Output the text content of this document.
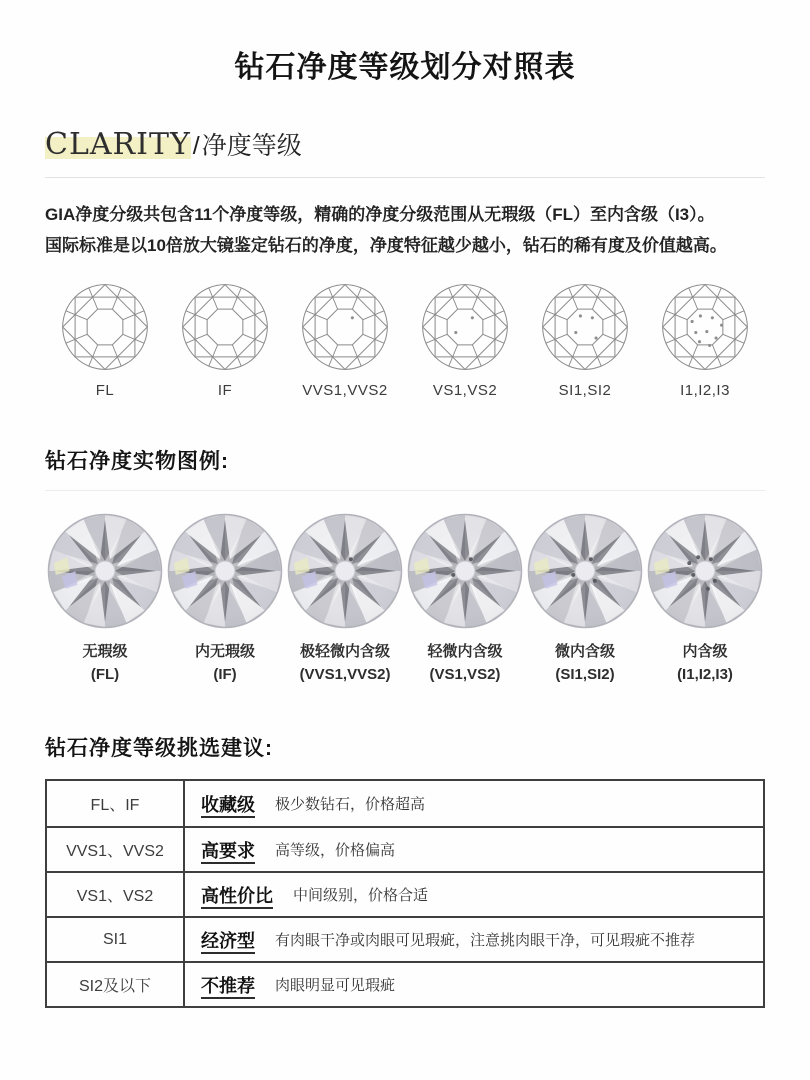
钻石净度等级划分对照表
CLARITY / 净度等级
GIA净度分级共包含11个净度等级，精确的净度分级范围从无瑕级（FL）至内含级（I3）。
国际标准是以10倍放大镜鉴定钻石的净度，净度特征越少越小，钻石的稀有度及价值越高。
FL	IF	VVS1,VVS2	VS1,VS2	SI1,SI2	I1,I2,I3
钻石净度实物图例:
无瑕级
(FL)
内无瑕级
(IF)
极轻微内含级
(VVS1,VVS2)
轻微内含级
(VS1,VS2)
微内含级
(SI1,SI2)
内含级
(I1,I2,I3)
钻石净度等级挑选建议:
FL、IF	收藏级 极少数钻石，价格超高
VVS1、VVS2	高要求 高等级，价格偏高
VS1、VS2	高性价比 中间级别，价格合适
SI1	经济型 有肉眼干净或肉眼可见瑕疵，注意挑肉眼干净，可见瑕疵不推荐
SI2及以下	不推荐 肉眼明显可见瑕疵
